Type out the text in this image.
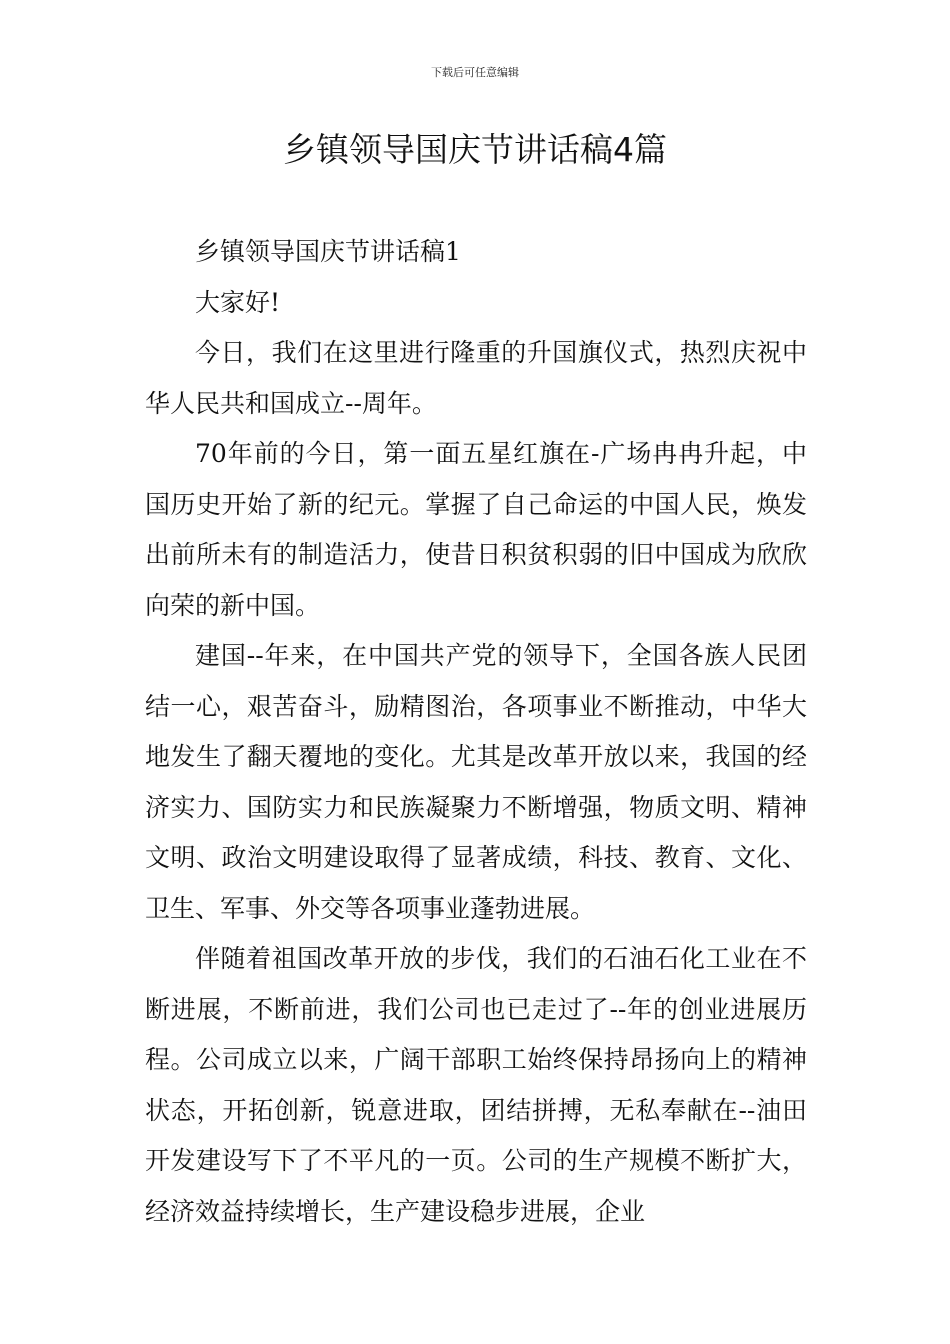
下载后可任意编辑
乡镇领导国庆节讲话稿4篇

乡镇领导国庆节讲话稿1

大家好!

今日，我们在这里进行隆重的升国旗仪式，热烈庆祝中华人民共和国成立--周年。

70年前的今日，第一面五星红旗在-广场冉冉升起，中国历史开始了新的纪元。掌握了自己命运的中国人民，焕发出前所未有的制造活力，使昔日积贫积弱的旧中国成为欣欣向荣的新中国。

建国--年来，在中国共产党的领导下，全国各族人民团结一心，艰苦奋斗，励精图治，各项事业不断推动，中华大地发生了翻天覆地的变化。尤其是改革开放以来，我国的经济实力、国防实力和民族凝聚力不断增强，物质文明、精神文明、政治文明建设取得了显著成绩，科技、教育、文化、卫生、军事、外交等各项事业蓬勃进展。

伴随着祖国改革开放的步伐，我们的石油石化工业在不断进展，不断前进，我们公司也已走过了--年的创业进展历程。公司成立以来，广阔干部职工始终保持昂扬向上的精神状态，开拓创新，锐意进取，团结拼搏，无私奉献在--油田开发建设写下了不平凡的一页。公司的生产规模不断扩大，经济效益持续增长，生产建设稳步进展，企业
